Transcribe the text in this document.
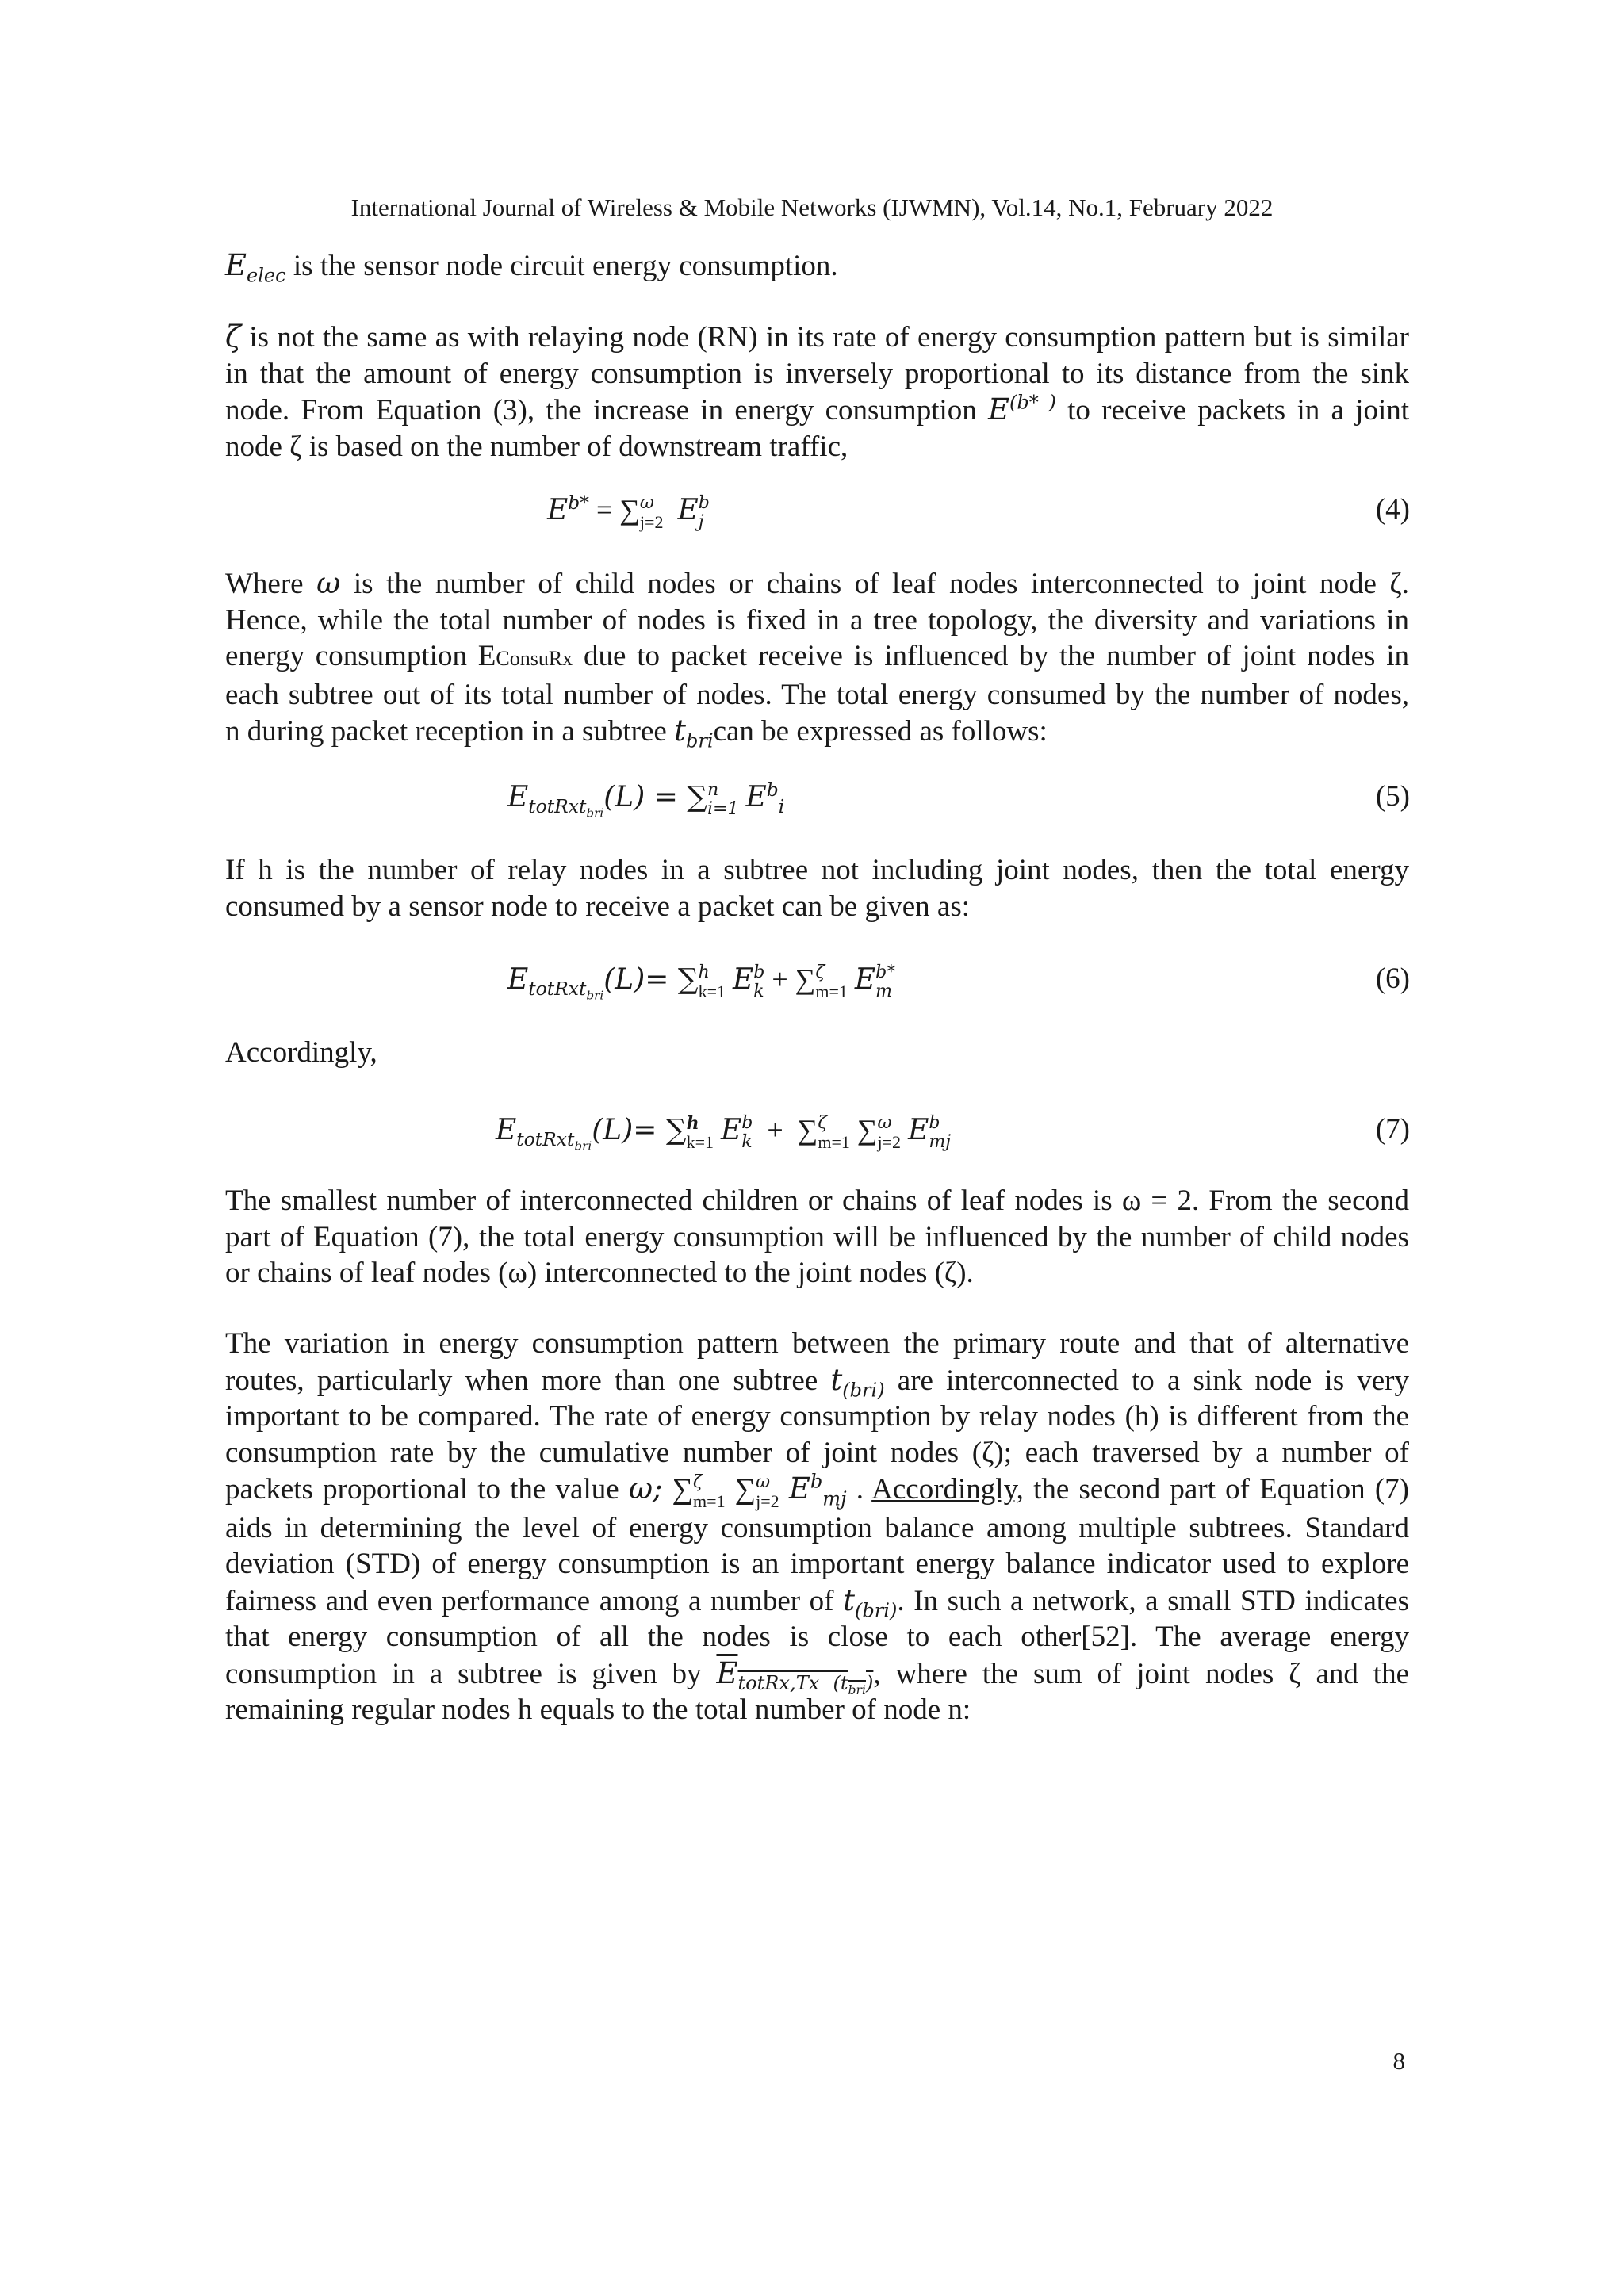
International Journal of Wireless & Mobile Networks (IJWMN), Vol.14, No.1, February 2022
$E_{elec}$ is the sensor node circuit energy consumption.
ζ is not the same as with relaying node (RN) in its rate of energy consumption pattern but is similar
in that the amount of energy consumption is inversely proportional to its distance from the sink
node. From Equation (3), the increase in energy consumption $E^{(b* )}$ to receive packets in a joint
node ζ is based on the number of downstream traffic,
$E^{b*}$ = ∑ ω
j=2 E b
j	(4)
Where ω is the number of child nodes or chains of leaf nodes interconnected to joint node ζ.
Hence, while the total number of nodes is fixed in a tree topology, the diversity and variations in
energy consumption EConsuRx due to packet receive is influenced by the number of joint nodes in
each subtree out of its total number of nodes. The total energy consumed by the number of nodes,
n during packet reception in a subtree $t_{bri}can$ be expressed as follows:
$E_{totRxt_{bri}}(L)$ = ∑ n
i=1 $E^b_i$	(5)
If h is the number of relay nodes in a subtree not including joint nodes, then the total energy
consumed by a sensor node to receive a packet can be given as:
$E_{totRxt_{bri}}(L)=$ ∑ h
k=1 E b
k + ∑ ζ
m=1 E b*
m	(6)
Accordingly,
$E_{totRxt_{bri}}(L)=$ ∑ h
k=1 E b
k +  ∑ ζ
m=1 ∑ ω
j=2 E b
mj	(7)
The smallest number of interconnected children or chains of leaf nodes is ω = 2. From the second
part of Equation (7), the total energy consumption will be influenced by the number of child nodes
or chains of leaf nodes (ω) interconnected to the joint nodes (ζ).
The variation in energy consumption pattern between the primary route and that of alternative
routes, particularly when more than one subtree $t_{(bri)}$ are interconnected to a sink node is very
important to be compared. The rate of energy consumption by relay nodes (h) is different from the
consumption rate by the cumulative number of joint nodes (ζ); each traversed by a number of
packets proportional to the value ω; ∑ ζ
m=1 ∑ ω
j=2 $E^b_{mj}$ . Accordingly, the second part of Equation (7)
aids in determining the level of energy consumption balance among multiple subtrees. Standard
deviation (STD) of energy consumption is an important energy balance indicator used to explore
fairness and even performance among a number of $t_{(bri)}$. In such a network, a small STD indicates
that energy consumption of all the nodes is close to each other[52]. The average energy
consumption in a subtree is given by $E_{totRx,Tx (t_{bri})}$, where the sum of joint nodes ζ and the
remaining regular nodes h equals to the total number of node n:
8
